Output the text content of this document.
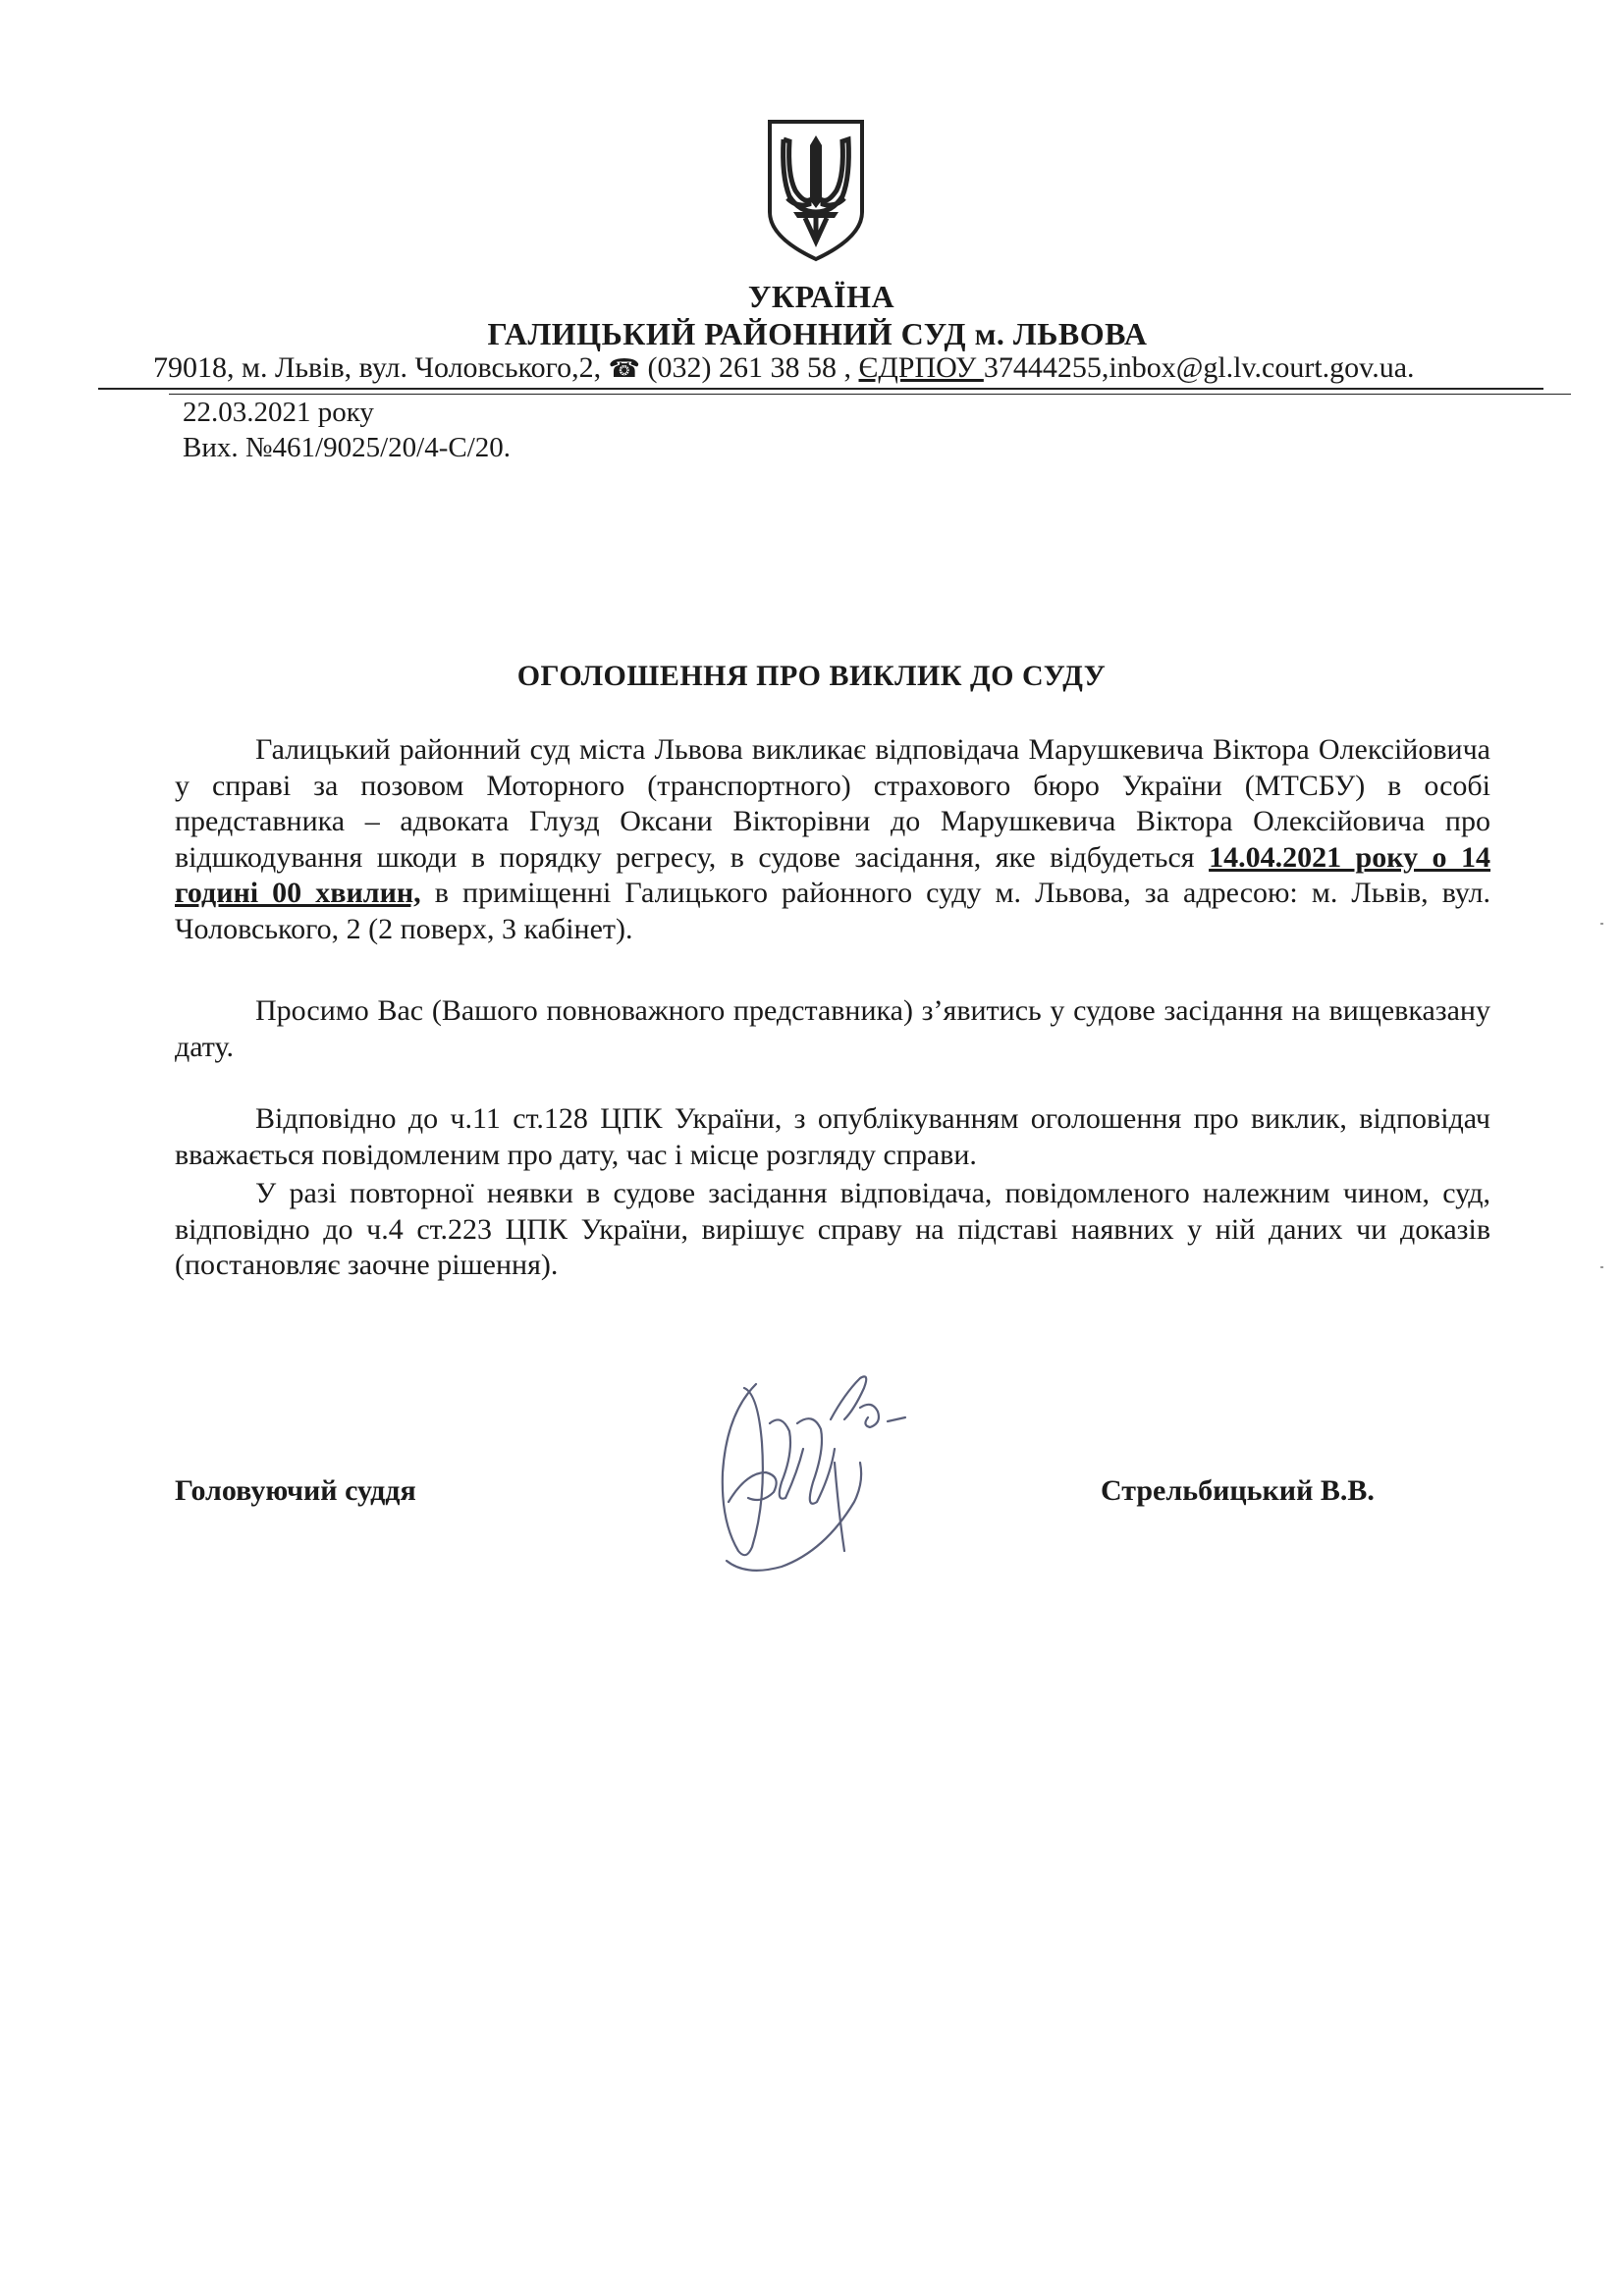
УКРАЇНА
ГАЛИЦЬКИЙ РАЙОННИЙ СУД м. ЛЬВОВА
79018, м. Львів, вул. Чоловського,2, ☎ (032) 261 38 58 , ЄДРПОУ 37444255,inbox@gl.lv.court.gov.ua.
22.03.2021 року
Вих. №461/9025/20/4-С/20.
ОГОЛОШЕННЯ ПРО ВИКЛИК ДО СУДУ
Галицький районний суд міста Львова викликає відповідача Марушкевича Віктора Олексійовича у справі за позовом Моторного (транспортного) страхового бюро України (МТСБУ) в особі представника – адвоката Глузд Оксани Вікторівни до Марушкевича Віктора Олексійовича про відшкодування шкоди в порядку регресу, в судове засідання, яке відбудеться 14.04.2021 року о 14 годині 00 хвилин, в приміщенні Галицького районного суду м. Львова, за адресою: м. Львів, вул. Чоловського, 2 (2 поверх, 3 кабінет).
Просимо Вас (Вашого повноважного представника) з’явитись у судове засідання на вищевказану дату.
Відповідно до ч.11 ст.128 ЦПК України, з опублікуванням оголошення про виклик, відповідач вважається повідомленим про дату, час і місце розгляду справи.
У разі повторної неявки в судове засідання відповідача, повідомленого належним чином, суд, відповідно до ч.4 ст.223 ЦПК України, вирішує справу на підставі наявних у ній даних чи доказів (постановляє заочне рішення).
Головуючий суддя	Стрельбицький В.В.
